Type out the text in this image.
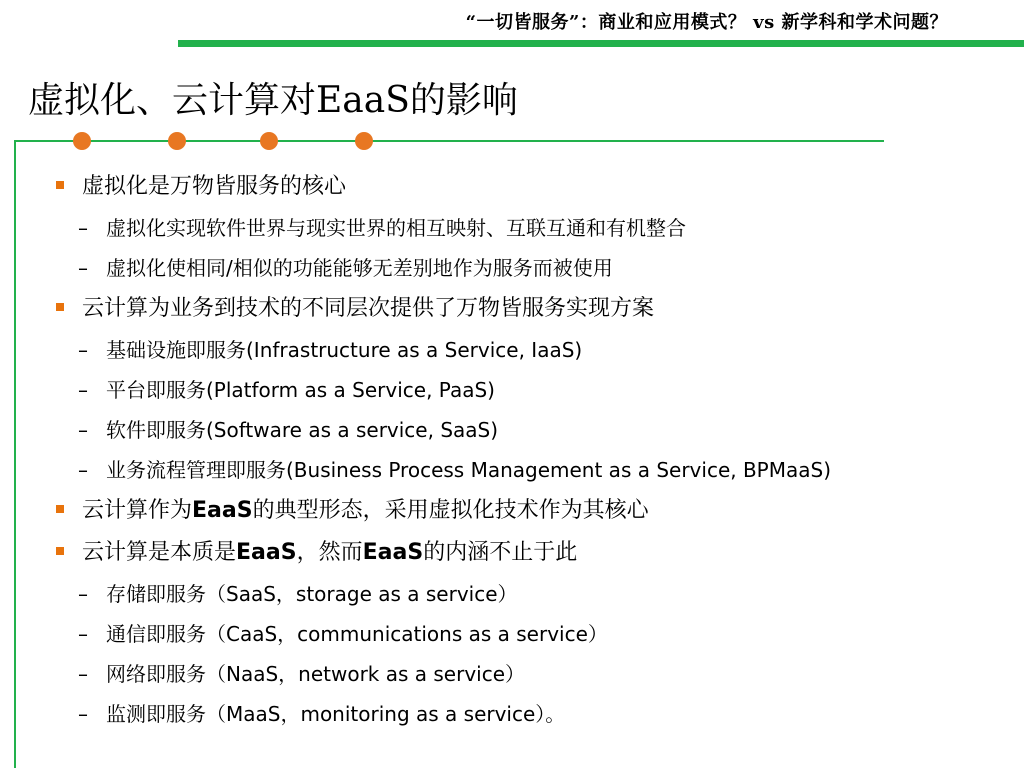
“一切皆服务”：商业和应用模式？ vs 新学科和学术问题？
虚拟化、云计算对EaaS的影响
虚拟化是万物皆服务的核心
– 虚拟化实现软件世界与现实世界的相互映射、互联互通和有机整合
– 虚拟化使相同/相似的功能能够无差别地作为服务而被使用
云计算为业务到技术的不同层次提供了万物皆服务实现方案
– 基础设施即服务(Infrastructure as a Service, IaaS)
– 平台即服务(Platform as a Service, PaaS)
– 软件即服务(Software as a service, SaaS)
– 业务流程管理即服务(Business Process Management as a Service, BPMaaS)
云计算作为EaaS的典型形态，采用虚拟化技术作为其核心
云计算是本质是EaaS，然而EaaS的内涵不止于此
– 存储即服务（SaaS，storage as a service）
– 通信即服务（CaaS，communications as a service）
– 网络即服务（NaaS，network as a service）
– 监测即服务（MaaS，monitoring as a service）。
